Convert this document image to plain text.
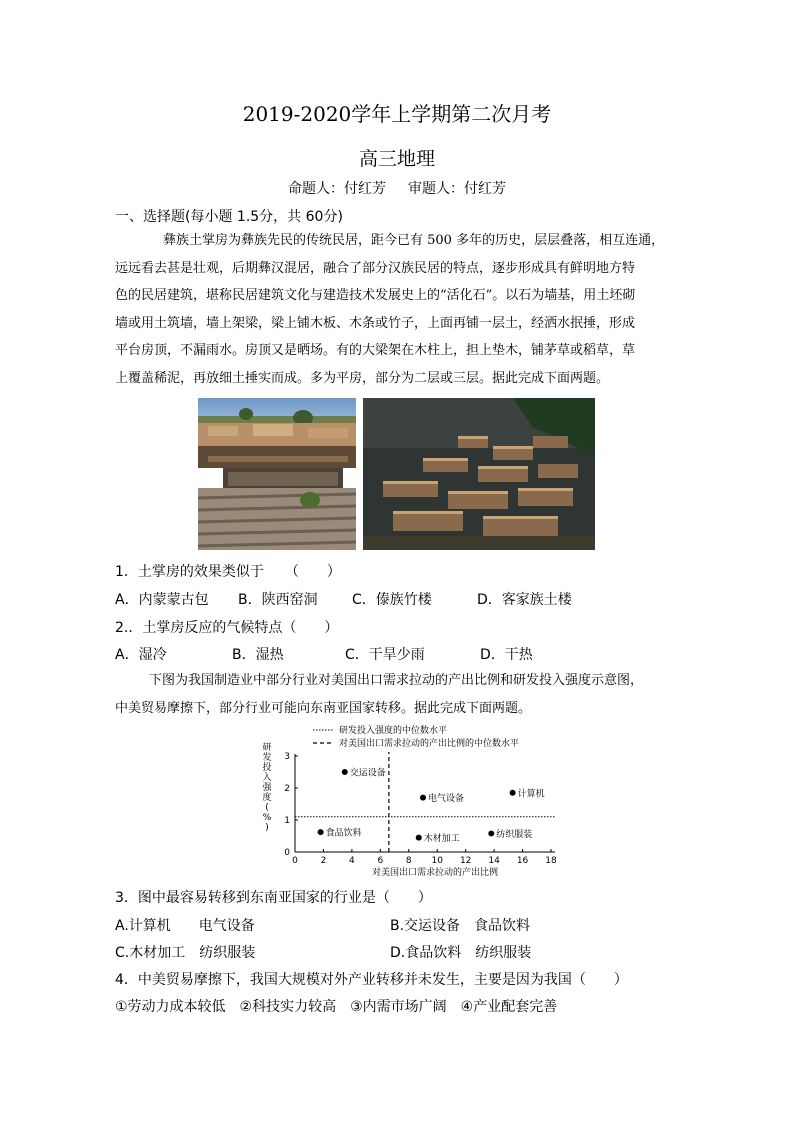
2019-2020学年上学期第二次月考
高三地理
命题人：付红芳 审题人：付红芳
一、选择题(每小题 1.5分，共 60分)

彝族土掌房为彝族先民的传统民居，距今已有 500 多年的历史，层层叠落，相互连通，

远远看去甚是壮观，后期彝汉混居，融合了部分汉族民居的特点，逐步形成具有鲜明地方特

色的民居建筑，堪称民居建筑文化与建造技术发展史上的“活化石”。以石为墙基，用土坯砌

墙或用土筑墙，墙上架梁，梁上铺木板、木条或竹子，上面再铺一层土，经洒水抿捶，形成

平台房顶，不漏雨水。房顶又是晒场。有的大梁架在木柱上，担上垫木，铺茅草或稻草，草

上覆盖稀泥，再放细土捶实而成。多为平房，部分为二层或三层。据此完成下面两题。

1．土掌房的效果类似于　　（　　）
A．内蒙蒙古包 B．陕西窑洞 C．傣族竹楼	D．客家族土楼
2.．土掌房反应的气候特点（　　）
A．湿冷	B．湿热	C．干旱少雨	D．干热

下图为我国制造业中部分行业对美国出口需求拉动的产出比例和研发投入强度示意图，

中美贸易摩擦下，部分行业可能向东南亚国家转移。据此完成下面两题。

研发投入强度的中位数水平
对美国出口需求拉动的产出比例的中位数水平
研发投入强度( % )
0	2	4	6	8 10 12 14 16 18
0
1
2
3
交运设备
电气设备	计算机
食品饮料
木材加工	纺织服装
对美国出口需求拉动的产出比例
3．图中最容易转移到东南亚国家的行业是（　　）
A.计算机　　电气设备	B.交运设备　食品饮料
C.木材加工　纺织服装	D.食品饮料　纺织服装
4．中美贸易摩擦下，我国大规模对外产业转移并未发生，主要是因为我国（　　）
①劳动力成本较低　②科技实力较高　③内需市场广阔　④产业配套完善
